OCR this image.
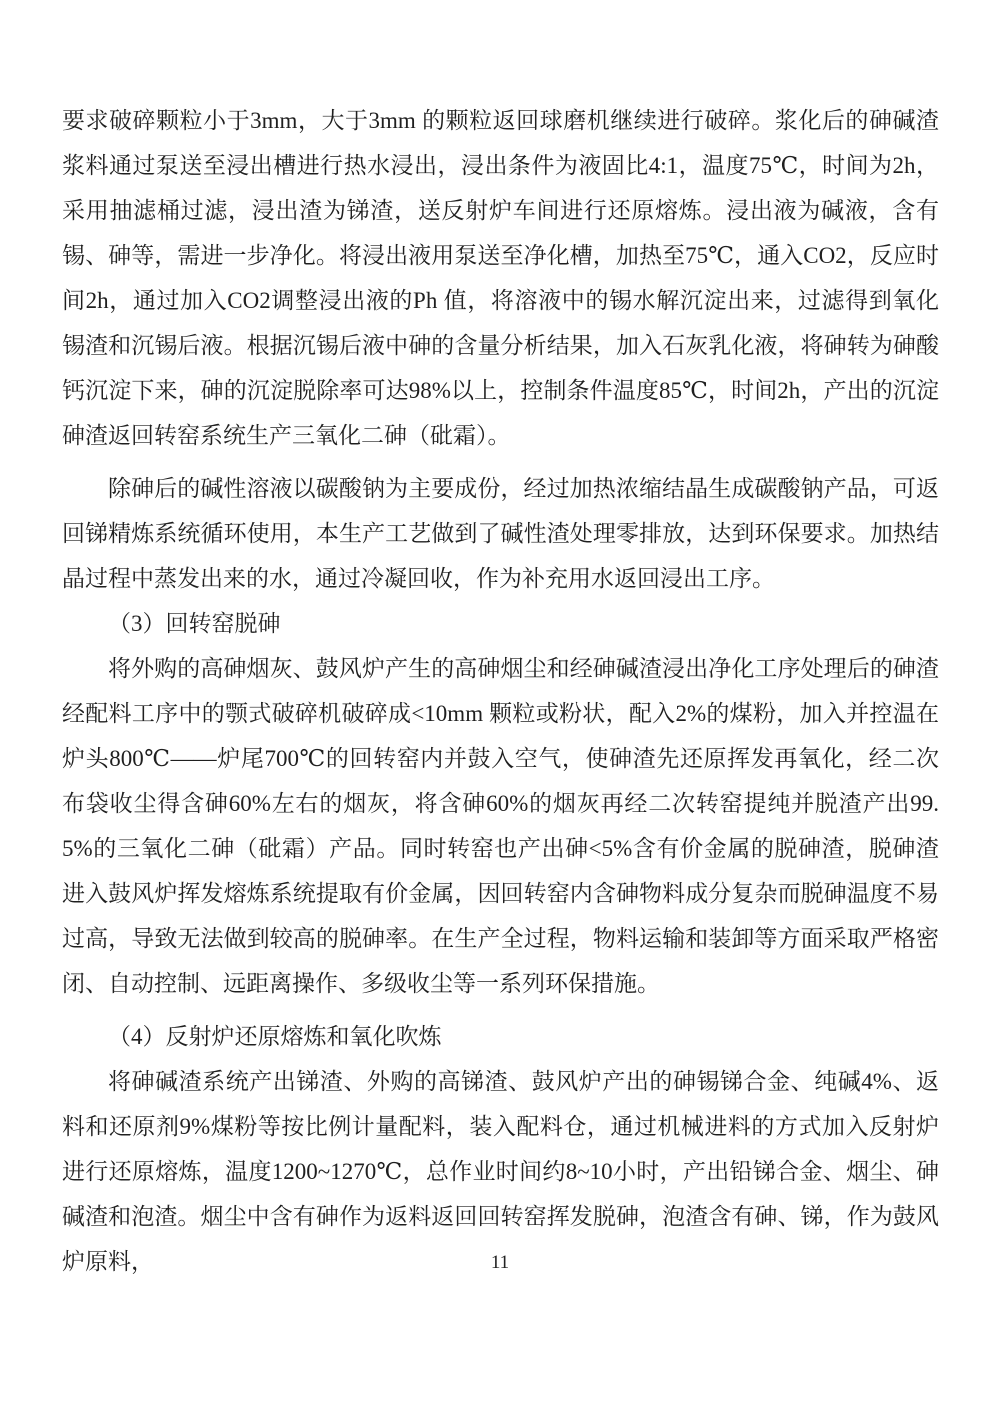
要求破碎颗粒小于3mm，大于3mm 的颗粒返回球磨机继续进行破碎。浆化后的砷碱渣浆料通过泵送至浸出槽进行热水浸出，浸出条件为液固比4:1，温度75℃，时间为2h，采用抽滤桶过滤，浸出渣为锑渣，送反射炉车间进行还原熔炼。浸出液为碱液，含有锡、砷等，需进一步净化。将浸出液用泵送至净化槽，加热至75℃，通入CO2，反应时间2h，通过加入CO2调整浸出液的Ph 值，将溶液中的锡水解沉淀出来，过滤得到氧化锡渣和沉锡后液。根据沉锡后液中砷的含量分析结果，加入石灰乳化液，将砷转为砷酸钙沉淀下来，砷的沉淀脱除率可达98%以上，控制条件温度85℃，时间2h，产出的沉淀砷渣返回转窑系统生产三氧化二砷（砒霜）。

除砷后的碱性溶液以碳酸钠为主要成份，经过加热浓缩结晶生成碳酸钠产品，可返回锑精炼系统循环使用，本生产工艺做到了碱性渣处理零排放，达到环保要求。加热结晶过程中蒸发出来的水，通过冷凝回收，作为补充用水返回浸出工序。

（3）回转窑脱砷

将外购的高砷烟灰、鼓风炉产生的高砷烟尘和经砷碱渣浸出净化工序处理后的砷渣经配料工序中的颚式破碎机破碎成<10mm 颗粒或粉状，配入2%的煤粉，加入并控温在炉头800℃——炉尾700℃的回转窑内并鼓入空气，使砷渣先还原挥发再氧化，经二次布袋收尘得含砷60%左右的烟灰，将含砷60%的烟灰再经二次转窑提纯并脱渣产出99.5%的三氧化二砷（砒霜）产品。同时转窑也产出砷<5%含有价金属的脱砷渣，脱砷渣进入鼓风炉挥发熔炼系统提取有价金属，因回转窑内含砷物料成分复杂而脱砷温度不易过高，导致无法做到较高的脱砷率。在生产全过程，物料运输和装卸等方面采取严格密闭、自动控制、远距离操作、多级收尘等一系列环保措施。

（4）反射炉还原熔炼和氧化吹炼

将砷碱渣系统产出锑渣、外购的高锑渣、鼓风炉产出的砷锡锑合金、纯碱4%、返料和还原剂9%煤粉等按比例计量配料，装入配料仓，通过机械进料的方式加入反射炉进行还原熔炼，温度1200~1270℃，总作业时间约8~10小时，产出铅锑合金、烟尘、砷碱渣和泡渣。烟尘中含有砷作为返料返回回转窑挥发脱砷，泡渣含有砷、锑，作为鼓风炉原料，	11
